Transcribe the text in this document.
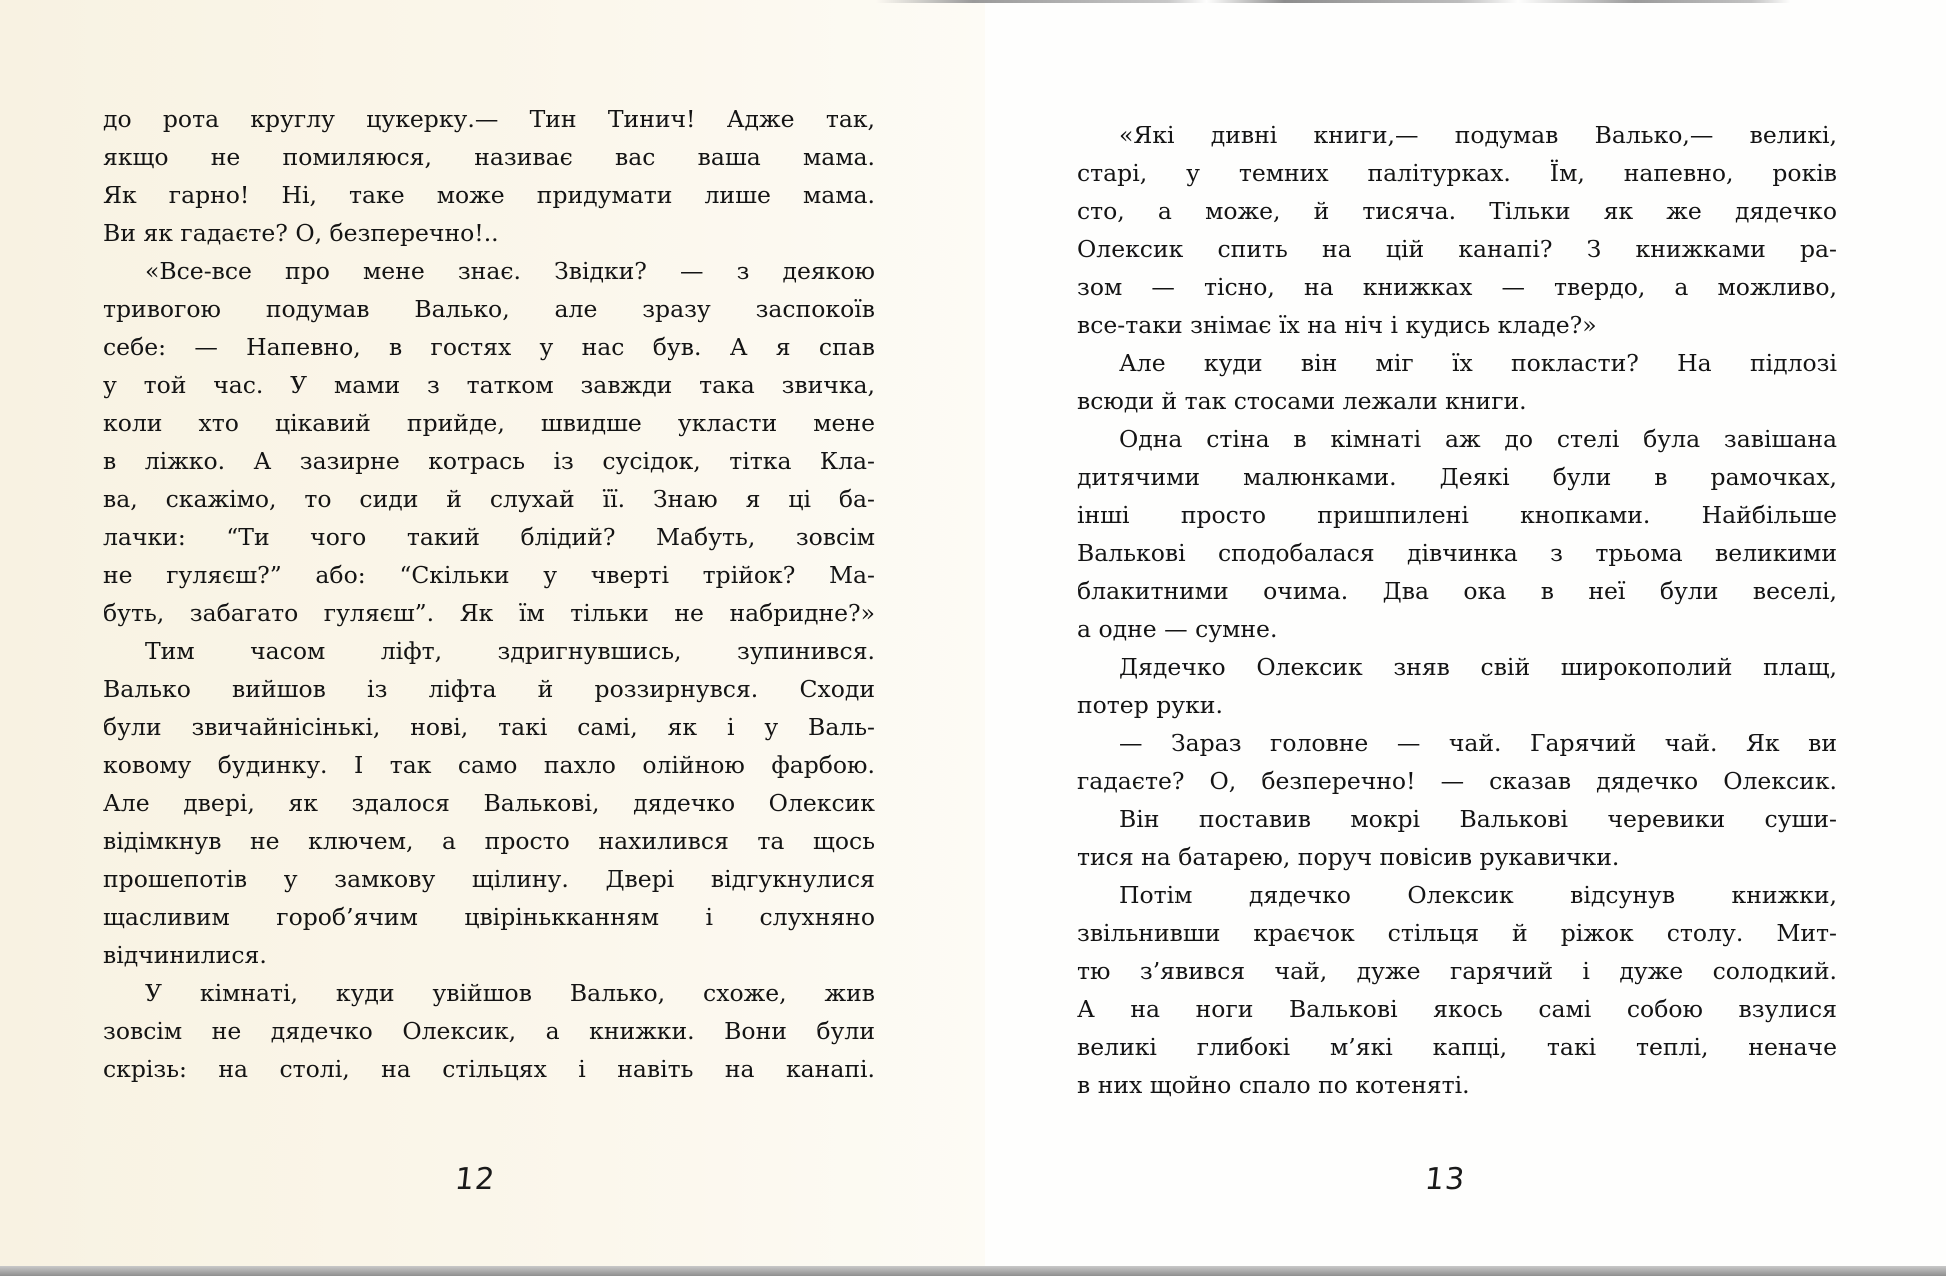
до рота круглу цукерку.— Тин Тинич! Адже так,
якщо не помиляюся, називає вас ваша мама.
Як гарно! Ні, таке може придумати лише мама.
Ви як гадаєте? О, безперечно!..
«Все-все про мене знає. Звідки? — з деякою
тривогою подумав Валько, але зразу заспокоїв
себе: — Напевно, в гостях у нас був. А я спав
у той час. У мами з татком завжди така звичка,
коли хто цікавий прийде, швидше укласти мене
в ліжко. А зазирне котрась із сусідок, тітка Кла-
ва, скажімо, то сиди й слухай її. Знаю я ці ба-
лачки: “Ти чого такий блідий? Мабуть, зовсім
не гуляєш?” або: “Скільки у чверті трійок? Ма-
буть, забагато гуляєш”. Як їм тільки не набридне?»
Тим часом ліфт, здригнувшись, зупинився.
Валько вийшов із ліфта й роззирнувся. Сходи
були звичайнісінькі, нові, такі самі, як і у Валь-
ковому будинку. І так само пахло олійною фарбою.
Але двері, як здалося Валькові, дядечко Олексик
відімкнув не ключем, а просто нахилився та щось
прошепотів у замкову щілину. Двері відгукнулися
щасливим гороб’ячим цвірінькканням і слухняно
відчинилися.
У кімнаті, куди увійшов Валько, схоже, жив
зовсім не дядечко Олексик, а книжки. Вони були
скрізь: на столі, на стільцях і навіть на канапі.
«Які дивні книги,— подумав Валько,— великі,
старі, у темних палітурках. Їм, напевно, років
сто, а може, й тисяча. Тільки як же дядечко
Олексик спить на цій канапі? З книжками ра-
зом — тісно, на книжках — твердо, а можливо,
все-таки знімає їх на ніч і кудись кладе?»
Але куди він міг їх покласти? На підлозі
всюди й так стосами лежали книги.
Одна стіна в кімнаті аж до стелі була завішана
дитячими малюнками. Деякі були в рамочках,
інші просто пришпилені кнопками. Найбільше
Валькові сподобалася дівчинка з трьома великими
блакитними очима. Два ока в неї були веселі,
а одне — сумне.
Дядечко Олексик зняв свій широкополий плащ,
потер руки.
— Зараз головне — чай. Гарячий чай. Як ви
гадаєте? О, безперечно! — сказав дядечко Олексик.
Він поставив мокрі Валькові черевики суши-
тися на батарею, поруч повісив рукавички.
Потім дядечко Олексик відсунув книжки,
звільнивши краєчок стільця й ріжок столу. Мит-
тю з’явився чай, дуже гарячий і дуже солодкий.
А на ноги Валькові якось самі собою взулися
великі глибокі м’які капці, такі теплі, неначе
в них щойно спало по котеняті.
12	13
